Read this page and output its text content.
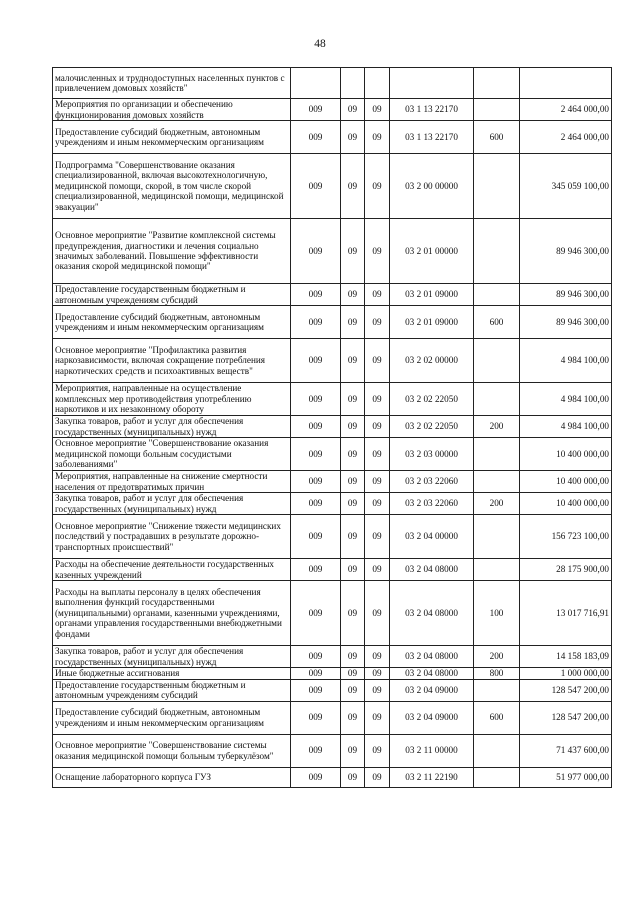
48
малочисленных и труднодоступных населенных пунктов с привлечением домовых хозяйств"						
Мероприятия по организации и обеспечению функционирования домовых хозяйств	009	09	09	03 1 13 22170		2 464 000,00
Предоставление субсидий бюджетным, автономным учреждениям и иным некоммерческим организациям	009	09	09	03 1 13 22170	600	2 464 000,00
Подпрограмма "Совершенствование оказания специализированной, включая высокотехнологичную, медицинской помощи, скорой, в том числе скорой специализированной, медицинской помощи, медицинской эвакуации"	009	09	09	03 2 00 00000		345 059 100,00
Основное мероприятие "Развитие комплексной системы предупреждения, диагностики и лечения социально значимых заболеваний. Повышение эффективности оказания скорой медицинской помощи"	009	09	09	03 2 01 00000		89 946 300,00
Предоставление государственным бюджетным и автономным учреждениям субсидий	009	09	09	03 2 01 09000		89 946 300,00
Предоставление субсидий бюджетным, автономным учреждениям и иным некоммерческим организациям	009	09	09	03 2 01 09000	600	89 946 300,00
Основное мероприятие "Профилактика развития наркозависимости, включая сокращение потребления наркотических средств и психоактивных веществ"	009	09	09	03 2 02 00000		4 984 100,00
Мероприятия, направленные на осуществление комплексных мер противодействия употреблению наркотиков и их незаконному обороту	009	09	09	03 2 02 22050		4 984 100,00
Закупка товаров, работ и услуг для обеспечения государственных (муниципальных) нужд	009	09	09	03 2 02 22050	200	4 984 100,00
Основное мероприятие "Совершенствование оказания медицинской помощи больным сосудистыми заболеваниями"	009	09	09	03 2 03 00000		10 400 000,00
Мероприятия, направленные на снижение смертности населения от предотвратимых причин	009	09	09	03 2 03 22060		10 400 000,00
Закупка товаров, работ и услуг для обеспечения государственных (муниципальных) нужд	009	09	09	03 2 03 22060	200	10 400 000,00
Основное мероприятие "Снижение тяжести медицинских последствий у пострадавших в результате дорожно-транспортных происшествий"	009	09	09	03 2 04 00000		156 723 100,00
Расходы на обеспечение деятельности государственных казенных учреждений	009	09	09	03 2 04 08000		28 175 900,00
Расходы на выплаты персоналу в целях обеспечения выполнения функций государственными (муниципальными) органами, казенными учреждениями, органами управления государственными внебюджетными фондами	009	09	09	03 2 04 08000	100	13 017 716,91
Закупка товаров, работ и услуг для обеспечения государственных (муниципальных) нужд	009	09	09	03 2 04 08000	200	14 158 183,09
Иные бюджетные ассигнования	009	09	09	03 2 04 08000	800	1 000 000,00
Предоставление государственным бюджетным и автономным учреждениям субсидий	009	09	09	03 2 04 09000		128 547 200,00
Предоставление субсидий бюджетным, автономным учреждениям и иным некоммерческим организациям	009	09	09	03 2 04 09000	600	128 547 200,00
Основное мероприятие "Совершенствование системы оказания медицинской помощи больным туберкулёзом"	009	09	09	03 2 11 00000		71 437 600,00
Оснащение лабораторного корпуса ГУЗ	009	09	09	03 2 11 22190		51 977 000,00
